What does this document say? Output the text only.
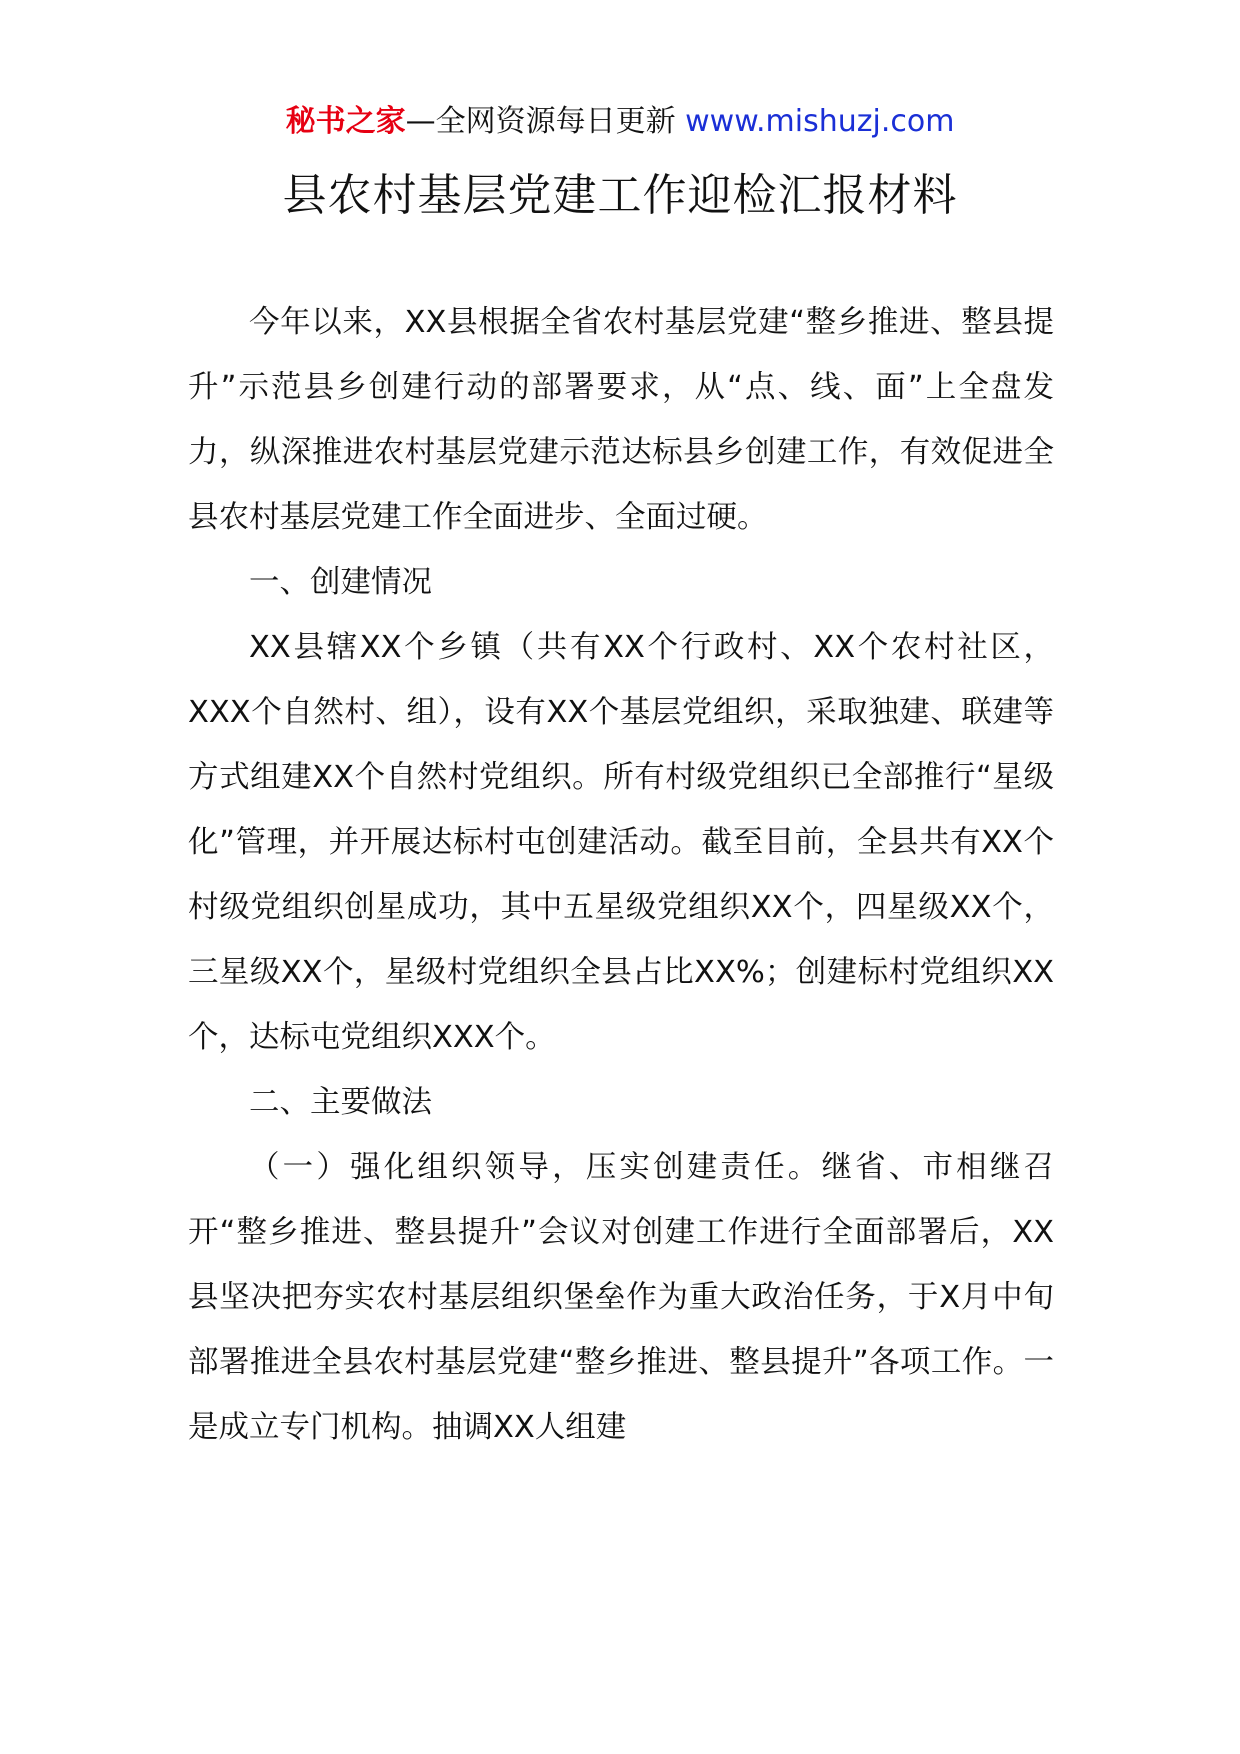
秘书之家—全网资源每日更新 www.mishuzj.com
县农村基层党建工作迎检汇报材料

今年以来，XX县根据全省农村基层党建“整乡推进、整县提升”示范县乡创建行动的部署要求，从“点、线、面”上全盘发力，纵深推进农村基层党建示范达标县乡创建工作，有效促进全县农村基层党建工作全面进步、全面过硬。

一、创建情况

XX县辖XX个乡镇（共有XX个行政村、XX个农村社区，XXX个自然村、组），设有XX个基层党组织，采取独建、联建等方式组建XX个自然村党组织。所有村级党组织已全部推行“星级化”管理，并开展达标村屯创建活动。截至目前，全县共有XX个村级党组织创星成功，其中五星级党组织XX个，四星级XX个，三星级XX个，星级村党组织全县占比XX%；创建标村党组织XX个，达标屯党组织XXX个。

二、主要做法

（一）强化组织领导，压实创建责任。继省、市相继召开“整乡推进、整县提升”会议对创建工作进行全面部署后，XX县坚决把夯实农村基层组织堡垒作为重大政治任务，于X月中旬部署推进全县农村基层党建“整乡推进、整县提升”各项工作。一是成立专门机构。抽调XX人组建
